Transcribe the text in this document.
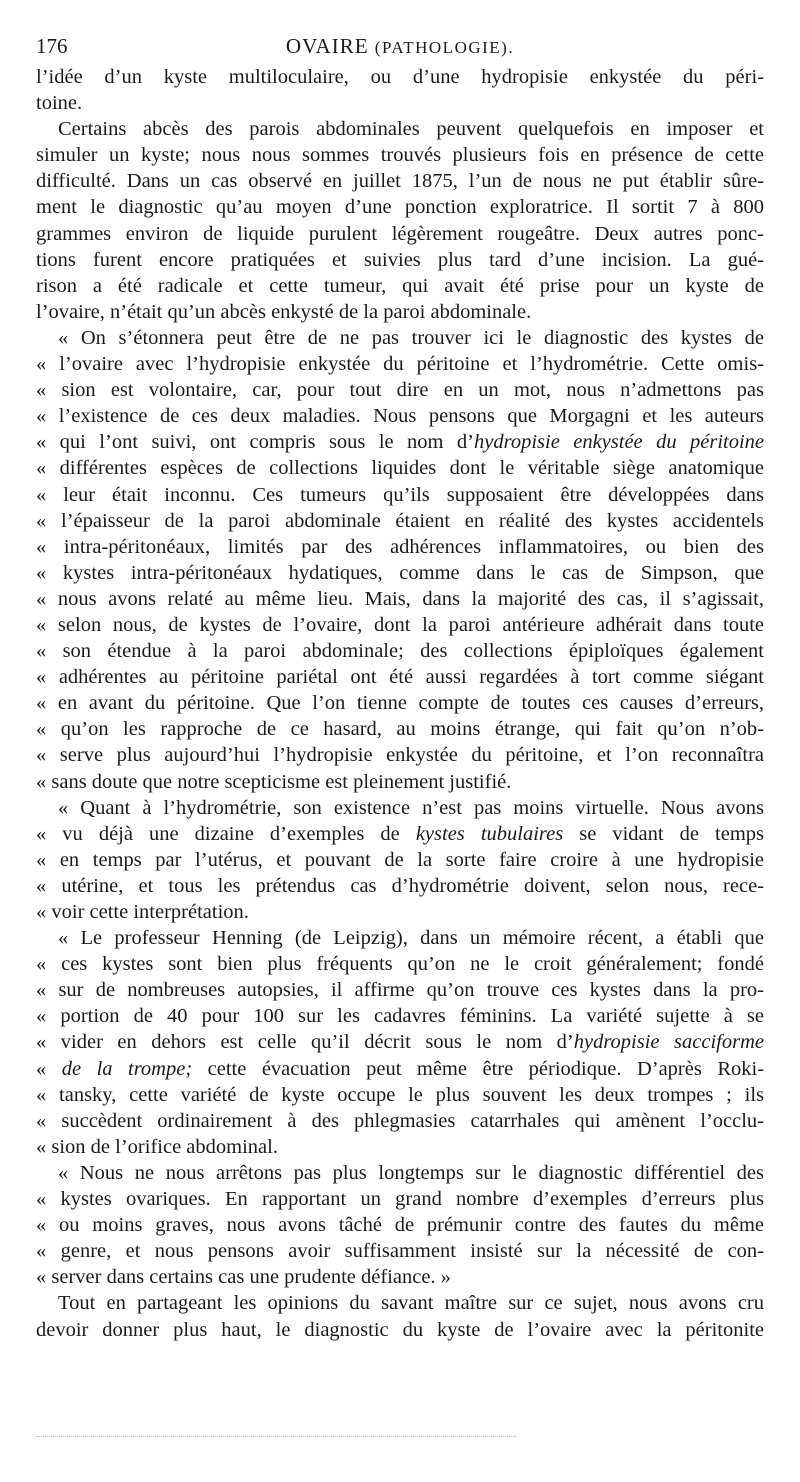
176	OVAIRE (PATHOLOGIE).
l’idée d’un kyste multiloculaire, ou d’une hydropisie enkystée du péri-
toine.
Certains abcès des parois abdominales peuvent quelquefois en imposer et
simuler un kyste; nous nous sommes trouvés plusieurs fois en présence de cette
difficulté. Dans un cas observé en juillet 1875, l’un de nous ne put établir sûre-
ment le diagnostic qu’au moyen d’une ponction exploratrice. Il sortit 7 à 800
grammes environ de liquide purulent légèrement rougeâtre. Deux autres ponc-
tions furent encore pratiquées et suivies plus tard d’une incision. La gué-
rison a été radicale et cette tumeur, qui avait été prise pour un kyste de
l’ovaire, n’était qu’un abcès enkysté de la paroi abdominale.
« On s’étonnera peut être de ne pas trouver ici le diagnostic des kystes de
« l’ovaire avec l’hydropisie enkystée du péritoine et l’hydrométrie. Cette omis-
« sion est volontaire, car, pour tout dire en un mot, nous n’admettons pas
« l’existence de ces deux maladies. Nous pensons que Morgagni et les auteurs
« qui l’ont suivi, ont compris sous le nom d’hydropisie enkystée du péritoine
« différentes espèces de collections liquides dont le véritable siège anatomique
« leur était inconnu. Ces tumeurs qu’ils supposaient être développées dans
« l’épaisseur de la paroi abdominale étaient en réalité des kystes accidentels
« intra-péritonéaux, limités par des adhérences inflammatoires, ou bien des
« kystes intra-péritonéaux hydatiques, comme dans le cas de Simpson, que
« nous avons relaté au même lieu. Mais, dans la majorité des cas, il s’agissait,
« selon nous, de kystes de l’ovaire, dont la paroi antérieure adhérait dans toute
« son étendue à la paroi abdominale; des collections épiploïques également
« adhérentes au péritoine pariétal ont été aussi regardées à tort comme siégant
« en avant du péritoine. Que l’on tienne compte de toutes ces causes d’erreurs,
« qu’on les rapproche de ce hasard, au moins étrange, qui fait qu’on n’ob-
« serve plus aujourd’hui l’hydropisie enkystée du péritoine, et l’on reconnaîtra
« sans doute que notre scepticisme est pleinement justifié.
« Quant à l’hydrométrie, son existence n’est pas moins virtuelle. Nous avons
« vu déjà une dizaine d’exemples de kystes tubulaires se vidant de temps
« en temps par l’utérus, et pouvant de la sorte faire croire à une hydropisie
« utérine, et tous les prétendus cas d’hydrométrie doivent, selon nous, rece-
« voir cette interprétation.
« Le professeur Henning (de Leipzig), dans un mémoire récent, a établi que
« ces kystes sont bien plus fréquents qu’on ne le croit généralement; fondé
« sur de nombreuses autopsies, il affirme qu’on trouve ces kystes dans la pro-
« portion de 40 pour 100 sur les cadavres féminins. La variété sujette à se
« vider en dehors est celle qu’il décrit sous le nom d’hydropisie sacciforme
« de la trompe; cette évacuation peut même être périodique. D’après Roki-
« tansky, cette variété de kyste occupe le plus souvent les deux trompes ; ils
« succèdent ordinairement à des phlegmasies catarrhales qui amènent l’occlu-
« sion de l’orifice abdominal.
« Nous ne nous arrêtons pas plus longtemps sur le diagnostic différentiel des
« kystes ovariques. En rapportant un grand nombre d’exemples d’erreurs plus
« ou moins graves, nous avons tâché de prémunir contre des fautes du même
« genre, et nous pensons avoir suffisamment insisté sur la nécessité de con-
« server dans certains cas une prudente défiance. »
Tout en partageant les opinions du savant maître sur ce sujet, nous avons cru
devoir donner plus haut, le diagnostic du kyste de l’ovaire avec la péritonite
